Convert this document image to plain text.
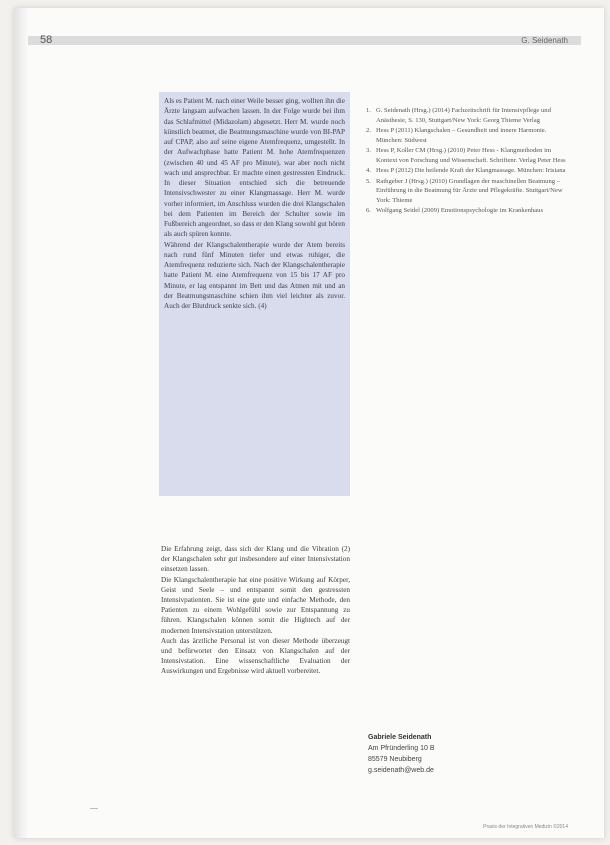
58	G. Seidenath

Als es Patient M. nach einer Weile besser ging, wollten ihn die Ärzte langsam aufwachen lassen. In der Folge wurde bei ihm das Schlafmittel (Midazolam) abgesetzt. Herr M. wurde noch künstlich beatmet, die Beatmungsmaschine wurde von BI-PAP auf CPAP, also auf seine eigene Atemfrequenz, umgestellt. In der Aufwachphase hatte Patient M. hohe Atemfrequenzen (zwischen 40 und 45 AF pro Minute), war aber noch nicht wach und ansprechbar. Er machte einen gestressten Eindruck. In dieser Situation entschied sich die betreuende Intensivschwester zu einer Klangmassage. Herr M. wurde vorher informiert, im Anschluss wurden die drei Klangschalen bei dem Patienten im Bereich der Schulter sowie im Fußbereich angeordnet, so dass er den Klang sowohl gut hören als auch spüren konnte.
Während der Klangschalentherapie wurde der Atem bereits nach rund fünf Minuten tiefer und etwas ruhiger, die Atemfrequenz reduzierte sich. Nach der Klangschalentherapie hatte Patient M. eine Atemfrequenz von 15 bis 17 AF pro Minute, er lag entspannt im Bett und das Atmen mit und an der Beatmungsmaschine schien ihm viel leichter als zuvor. Auch der Blutdruck senkte sich. (4)

Die Erfahrung zeigt, dass sich der Klang und die Vibration (2) der Klangschalen sehr gut insbesondere auf einer Intensivstation einsetzen lassen.
Die Klangschalentherapie hat eine positive Wirkung auf Körper, Geist und Seele – und entspannt somit den gestressten Intensivpatienten. Sie ist eine gute und einfache Methode, den Patienten zu einem Wohlgefühl sowie zur Entspannung zu führen. Klangschalen können somit die Hightech auf der modernen Intensivstation unterstützen.
Auch das ärztliche Personal ist von dieser Methode überzeugt und befürwortet den Einsatz von Klangschalen auf der Intensivstation. Eine wissenschaftliche Evaluation der Auswirkungen und Ergebnisse wird aktuell vorbereitet.

1. G. Seidenath (Hrsg.) (2014) Fachzeitschrift für Intensivpflege und Anästhesie, S. 130, Stuttgart/New York: Georg Thieme Verlag
2. Hess P (2011) Klangschalen – Gesundheit und innere Harmonie. München: Südwest
3. Hess P, Koller CM (Hrsg.) (2010) Peter Hess - Klangmethoden im Kontext von Forschung und Wissenschaft. Schriftenr. Verlag Peter Hess
4. Hess P (2012) Die heilende Kraft der Klangmassage. München: Irisiana
5. Rathgeber J (Hrsg.) (2010) Grundlagen der maschinellen Beatmung – Einführung in die Beatmung für Ärzte und Pflegekräfte. Stuttgart/New York: Thieme
6. Wolfgang Seidel (2009) Emotionspsychologie im Krankenhaus
Gabriele Seidenath
Am Pfründerling 10 B
85579 Neubiberg
g.seidenath@web.de
Praxis der Integrativen Medizin ©2014
